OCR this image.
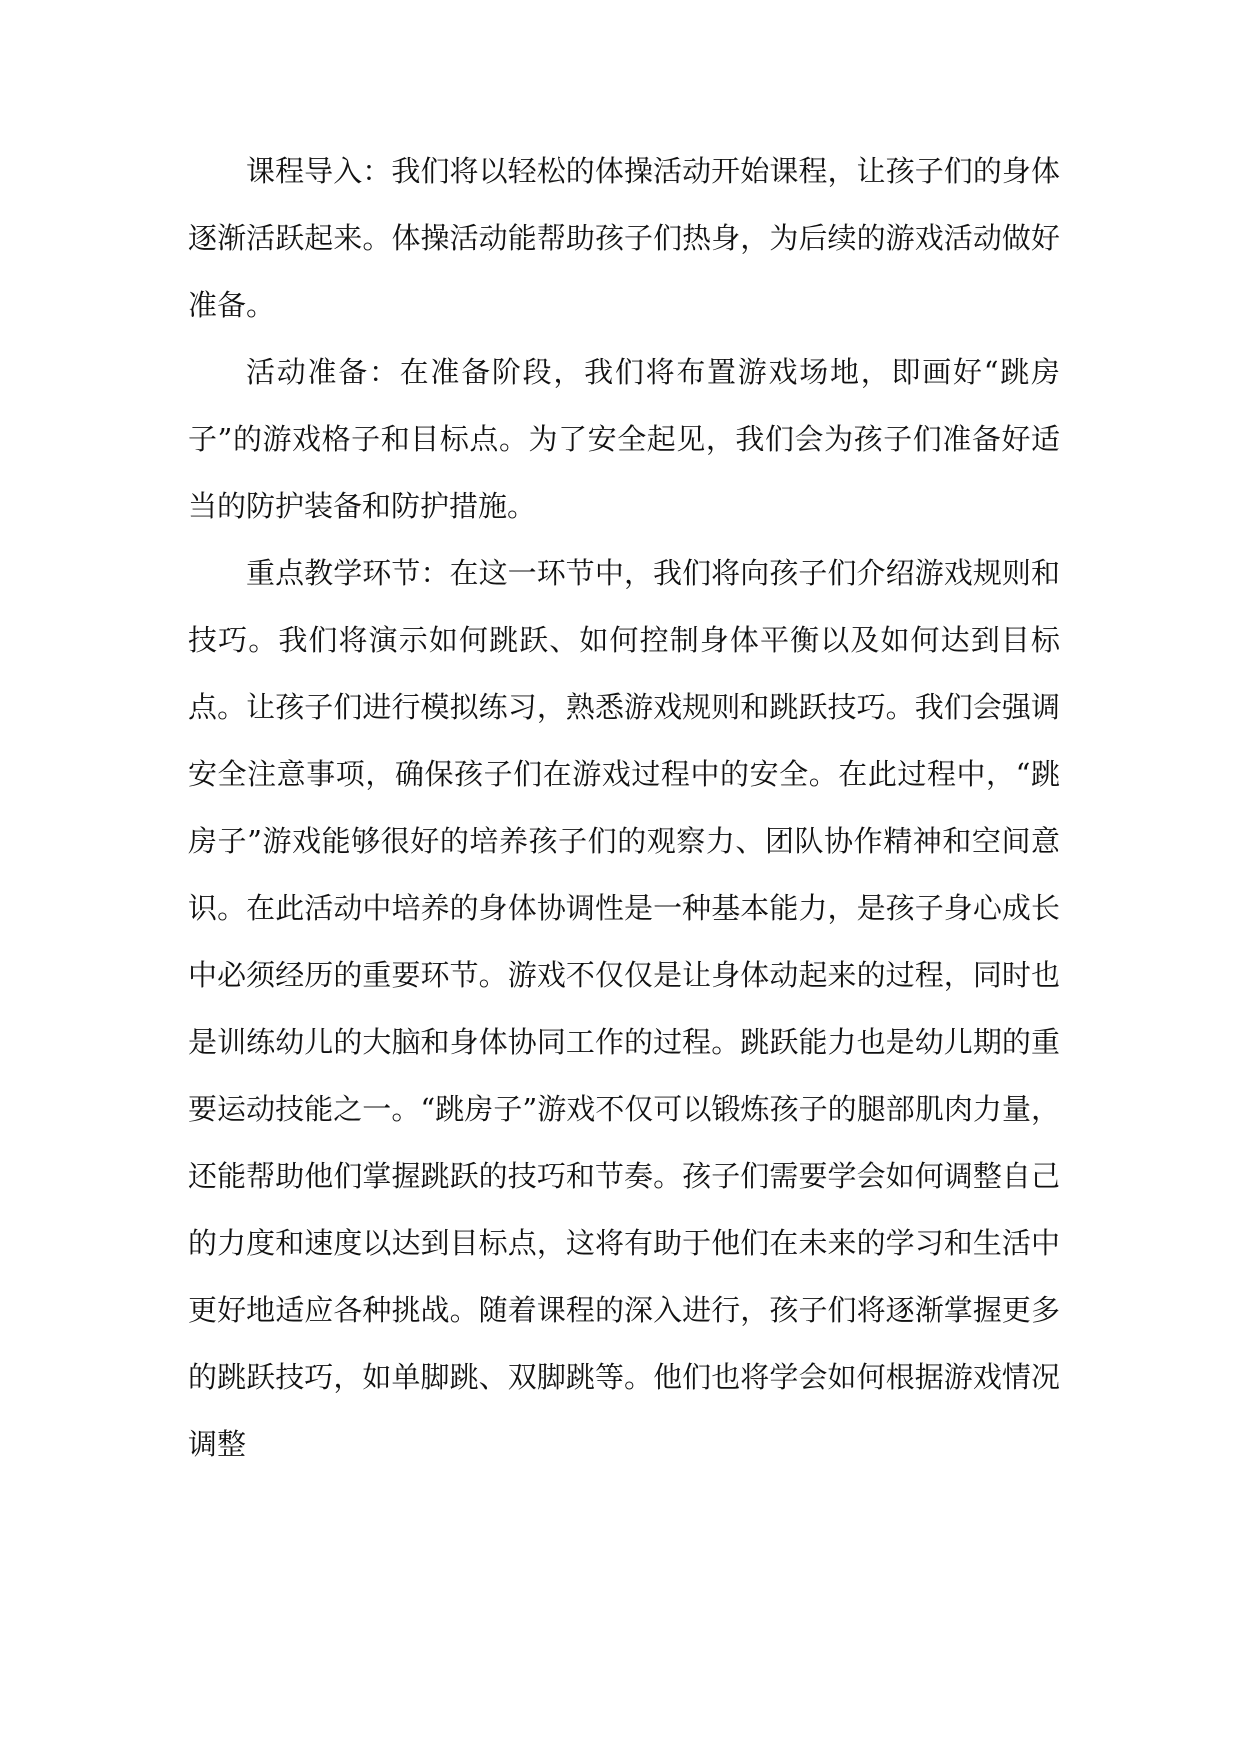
课程导入：我们将以轻松的体操活动开始课程，让孩子们的身体逐渐活跃起来。体操活动能帮助孩子们热身，为后续的游戏活动做好准备。

活动准备：在准备阶段，我们将布置游戏场地，即画好“跳房子”的游戏格子和目标点。为了安全起见，我们会为孩子们准备好适当的防护装备和防护措施。

重点教学环节：在这一环节中，我们将向孩子们介绍游戏规则和技巧。我们将演示如何跳跃、如何控制身体平衡以及如何达到目标点。让孩子们进行模拟练习，熟悉游戏规则和跳跃技巧。我们会强调安全注意事项，确保孩子们在游戏过程中的安全。在此过程中，“跳房子”游戏能够很好的培养孩子们的观察力、团队协作精神和空间意识。在此活动中培养的身体协调性是一种基本能力，是孩子身心成长中必须经历的重要环节。游戏不仅仅是让身体动起来的过程，同时也是训练幼儿的大脑和身体协同工作的过程。跳跃能力也是幼儿期的重要运动技能之一。“跳房子”游戏不仅可以锻炼孩子的腿部肌肉力量，还能帮助他们掌握跳跃的技巧和节奏。孩子们需要学会如何调整自己的力度和速度以达到目标点，这将有助于他们在未来的学习和生活中更好地适应各种挑战。随着课程的深入进行，孩子们将逐渐掌握更多的跳跃技巧，如单脚跳、双脚跳等。他们也将学会如何根据游戏情况调整
